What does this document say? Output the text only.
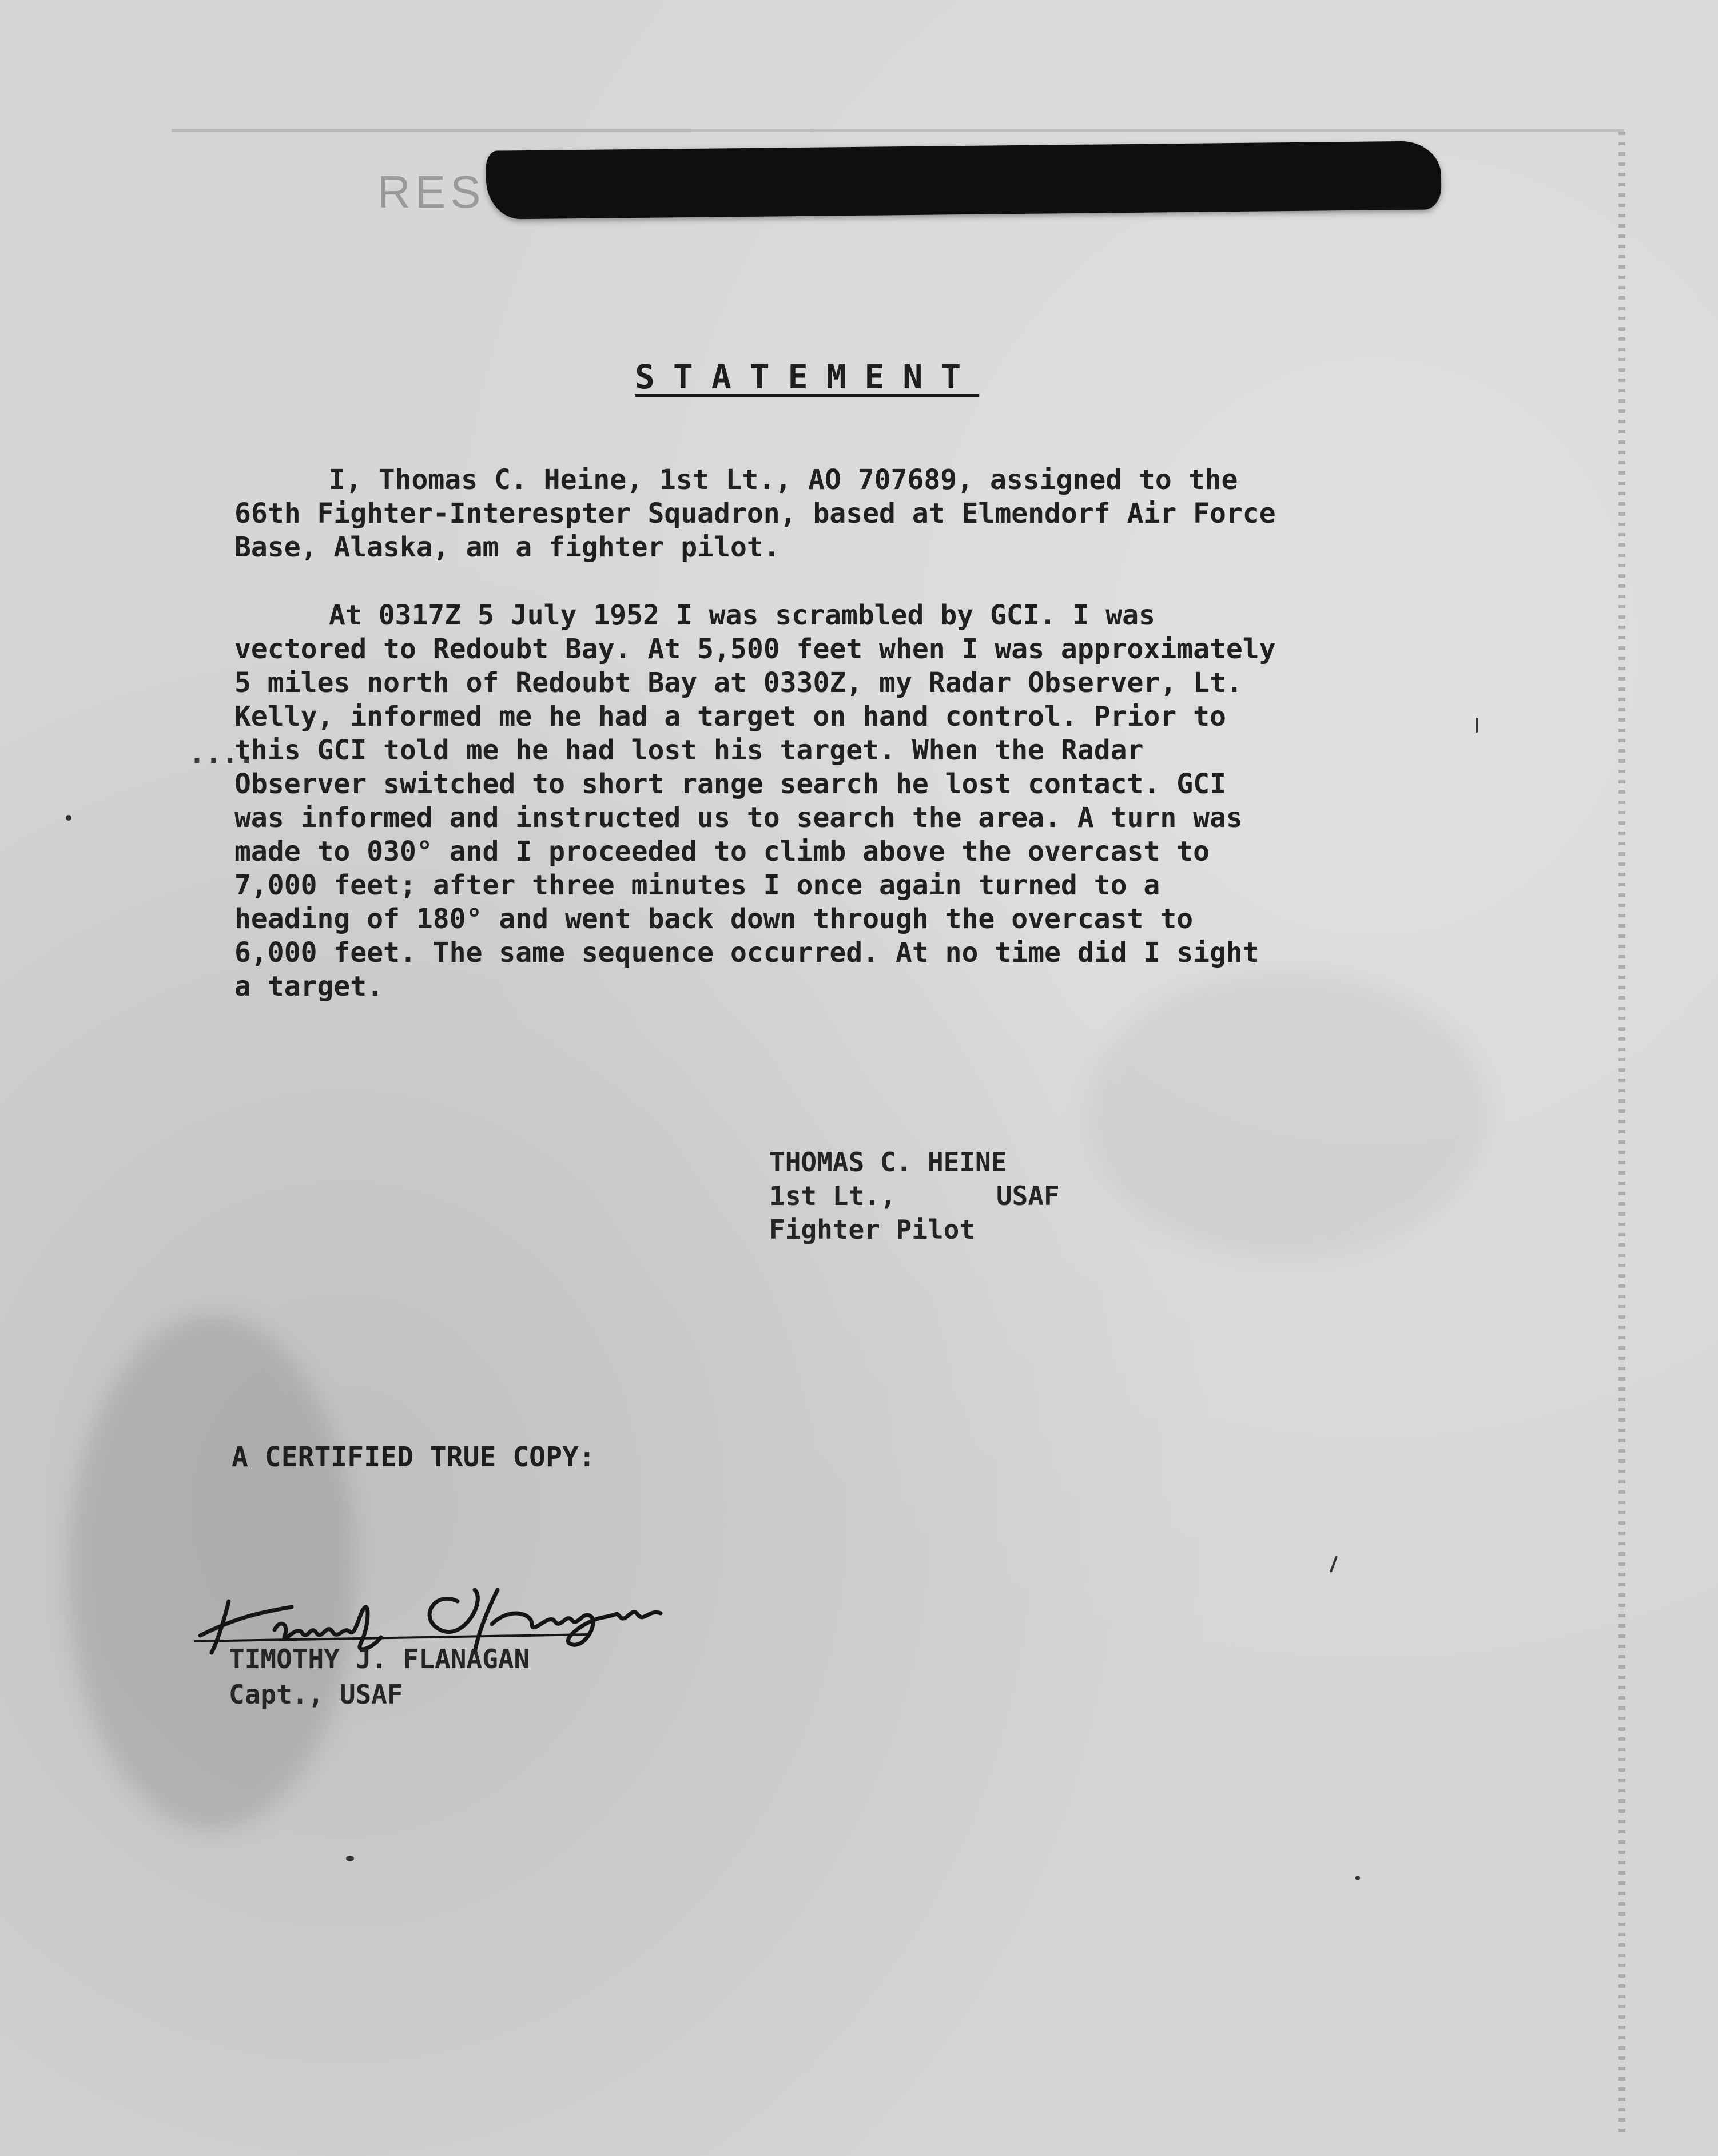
RES
STATEMENT
....

I, Thomas C. Heine, 1st Lt., AO 707689, assigned to the 66th Fighter-Interespter Squadron, based at Elmendorf Air Force Base, Alaska, am a fighter pilot.

At 0317Z 5 July 1952 I was scrambled by GCI. I was vectored to Redoubt Bay. At 5,500 feet when I was approximately 5 miles north of Redoubt Bay at 0330Z, my Radar Observer, Lt. Kelly, informed me he had a target on hand control. Prior to this GCI told me he had lost his target. When the Radar Observer switched to short range search he lost contact. GCI was informed and instructed us to search the area. A turn was made to 030° and I proceeded to climb above the overcast to 7,000 feet; after three minutes I once again turned to a heading of 180° and went back down through the overcast to 6,000 feet. The same sequence occurred. At no time did I sight a target.

THOMAS C. HEINE
1st Lt.,	USAF
Fighter Pilot
A CERTIFIED TRUE COPY:
TIMOTHY J. FLANAGAN
Capt., USAF
